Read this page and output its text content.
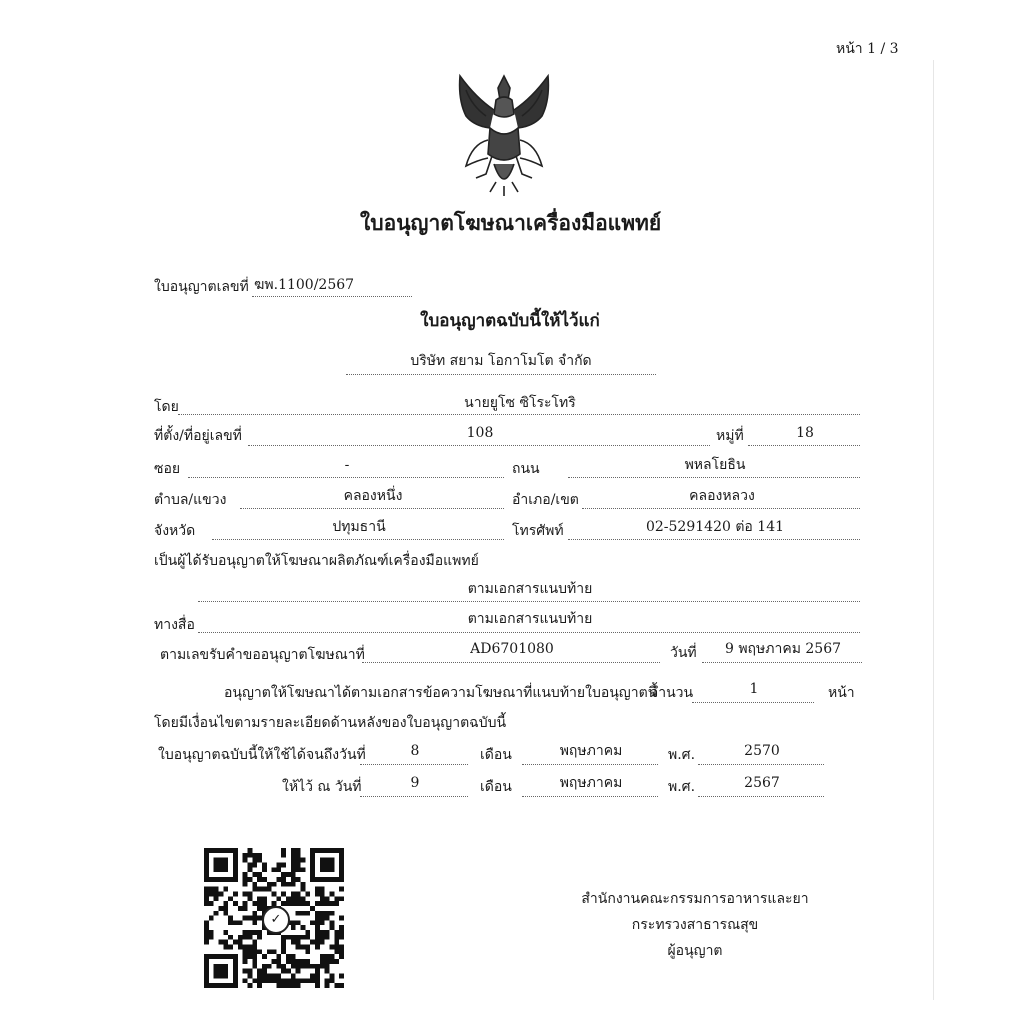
หน้า 1 / 3
ใบอนุญาตโฆษณาเครื่องมือแพทย์
ใบอนุญาตเลขที่ ฆพ.1100/2567
ใบอนุญาตฉบับนี้ให้ไว้แก่
บริษัท สยาม โอกาโมโต จำกัด
โดย	นายยูโซ ซิโระโทริ
ที่ตั้ง/ที่อยู่เลขที่	108	หมู่ที่	18
ซอย	-	ถนน	พหลโยธิน
ตำบล/แขวง	คลองหนึ่ง	อำเภอ/เขต	คลองหลวง
จังหวัด	ปทุมธานี	โทรศัพท์	02-5291420 ต่อ 141
เป็นผู้ได้รับอนุญาตให้โฆษณาผลิตภัณฑ์เครื่องมือแพทย์
ตามเอกสารแนบท้าย
ทางสื่อ	ตามเอกสารแนบท้าย
ตามเลขรับคำขออนุญาตโฆษณาที่	AD6701080	วันที่	9 พฤษภาคม 2567
อนุญาตให้โฆษณาได้ตามเอกสารข้อความโฆษณาที่แนบท้ายใบอนุญาตนี้
จำนวน	1	หน้า
โดยมีเงื่อนไขตามรายละเอียดด้านหลังของใบอนุญาตฉบับนี้
ใบอนุญาตฉบับนี้ให้ใช้ได้จนถึงวันที่	8	เดือน	พฤษภาคม	พ.ศ.	2570
ให้ไว้ ณ วันที่	9	เดือน	พฤษภาคม	พ.ศ.	2567
✓
สำนักงานคณะกรรมการอาหารและยา
กระทรวงสาธารณสุข
ผู้อนุญาต
